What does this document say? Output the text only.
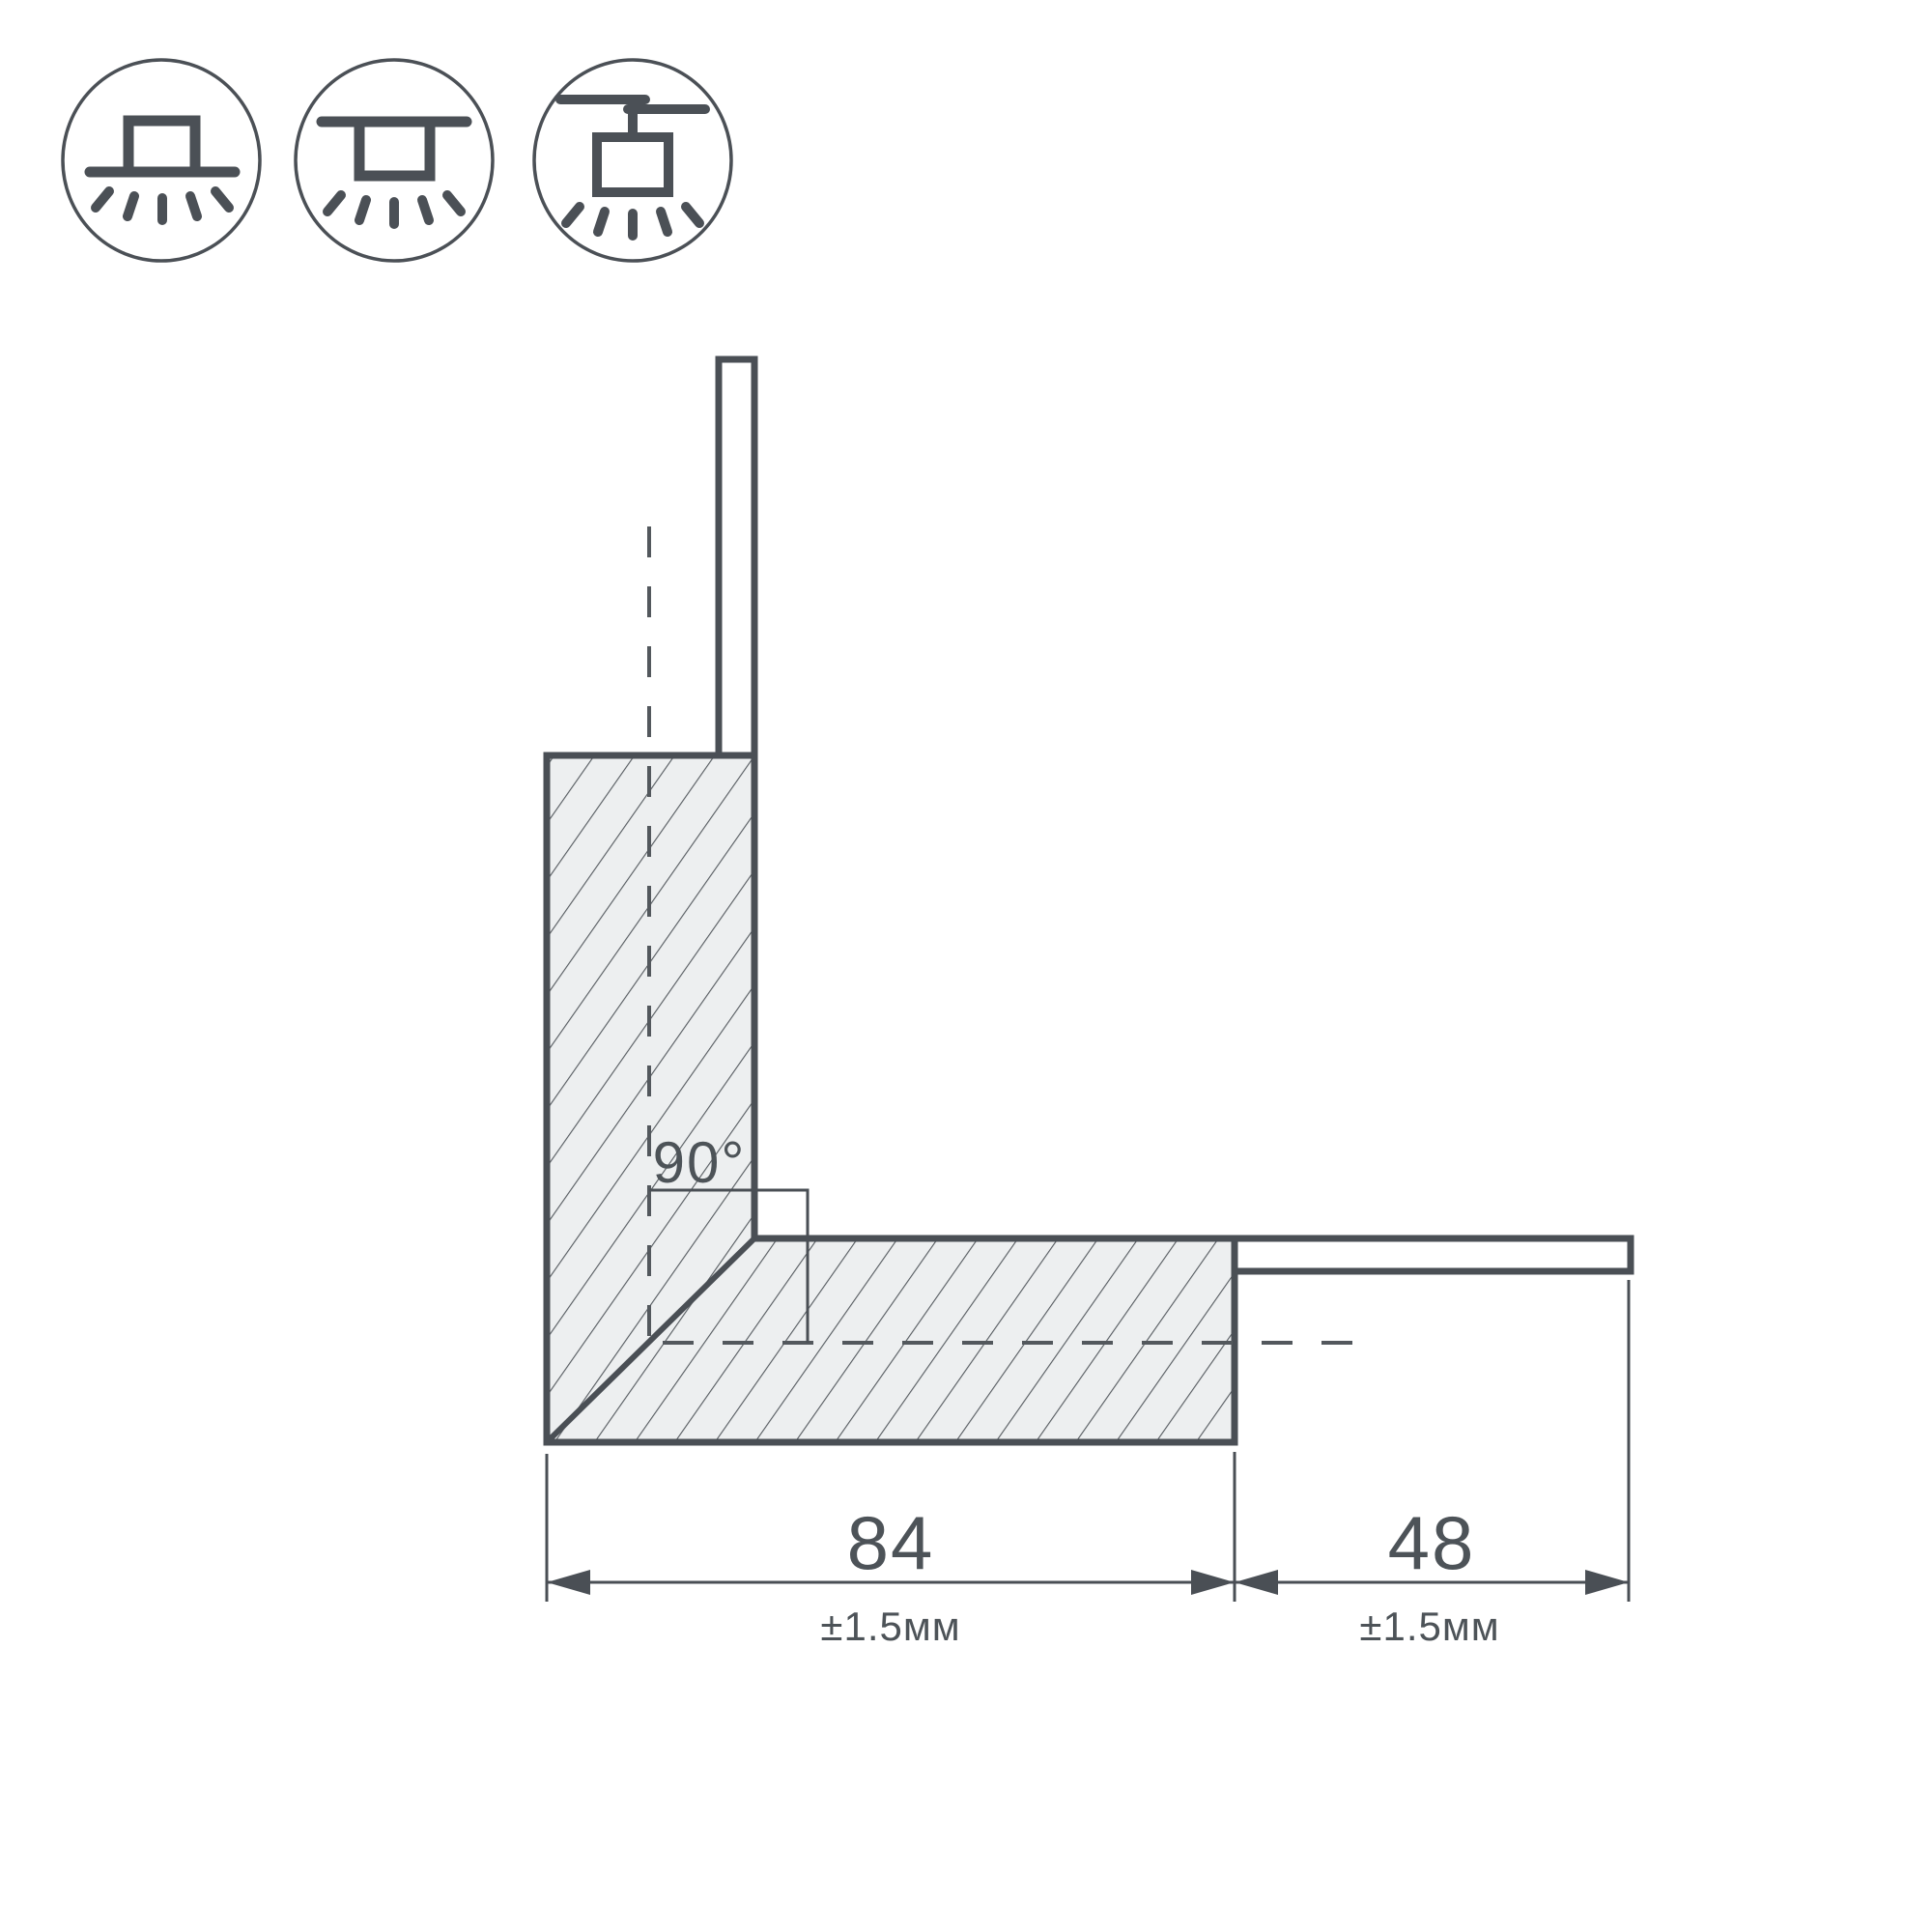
90°
84
±1.5мм
48
±1.5мм
